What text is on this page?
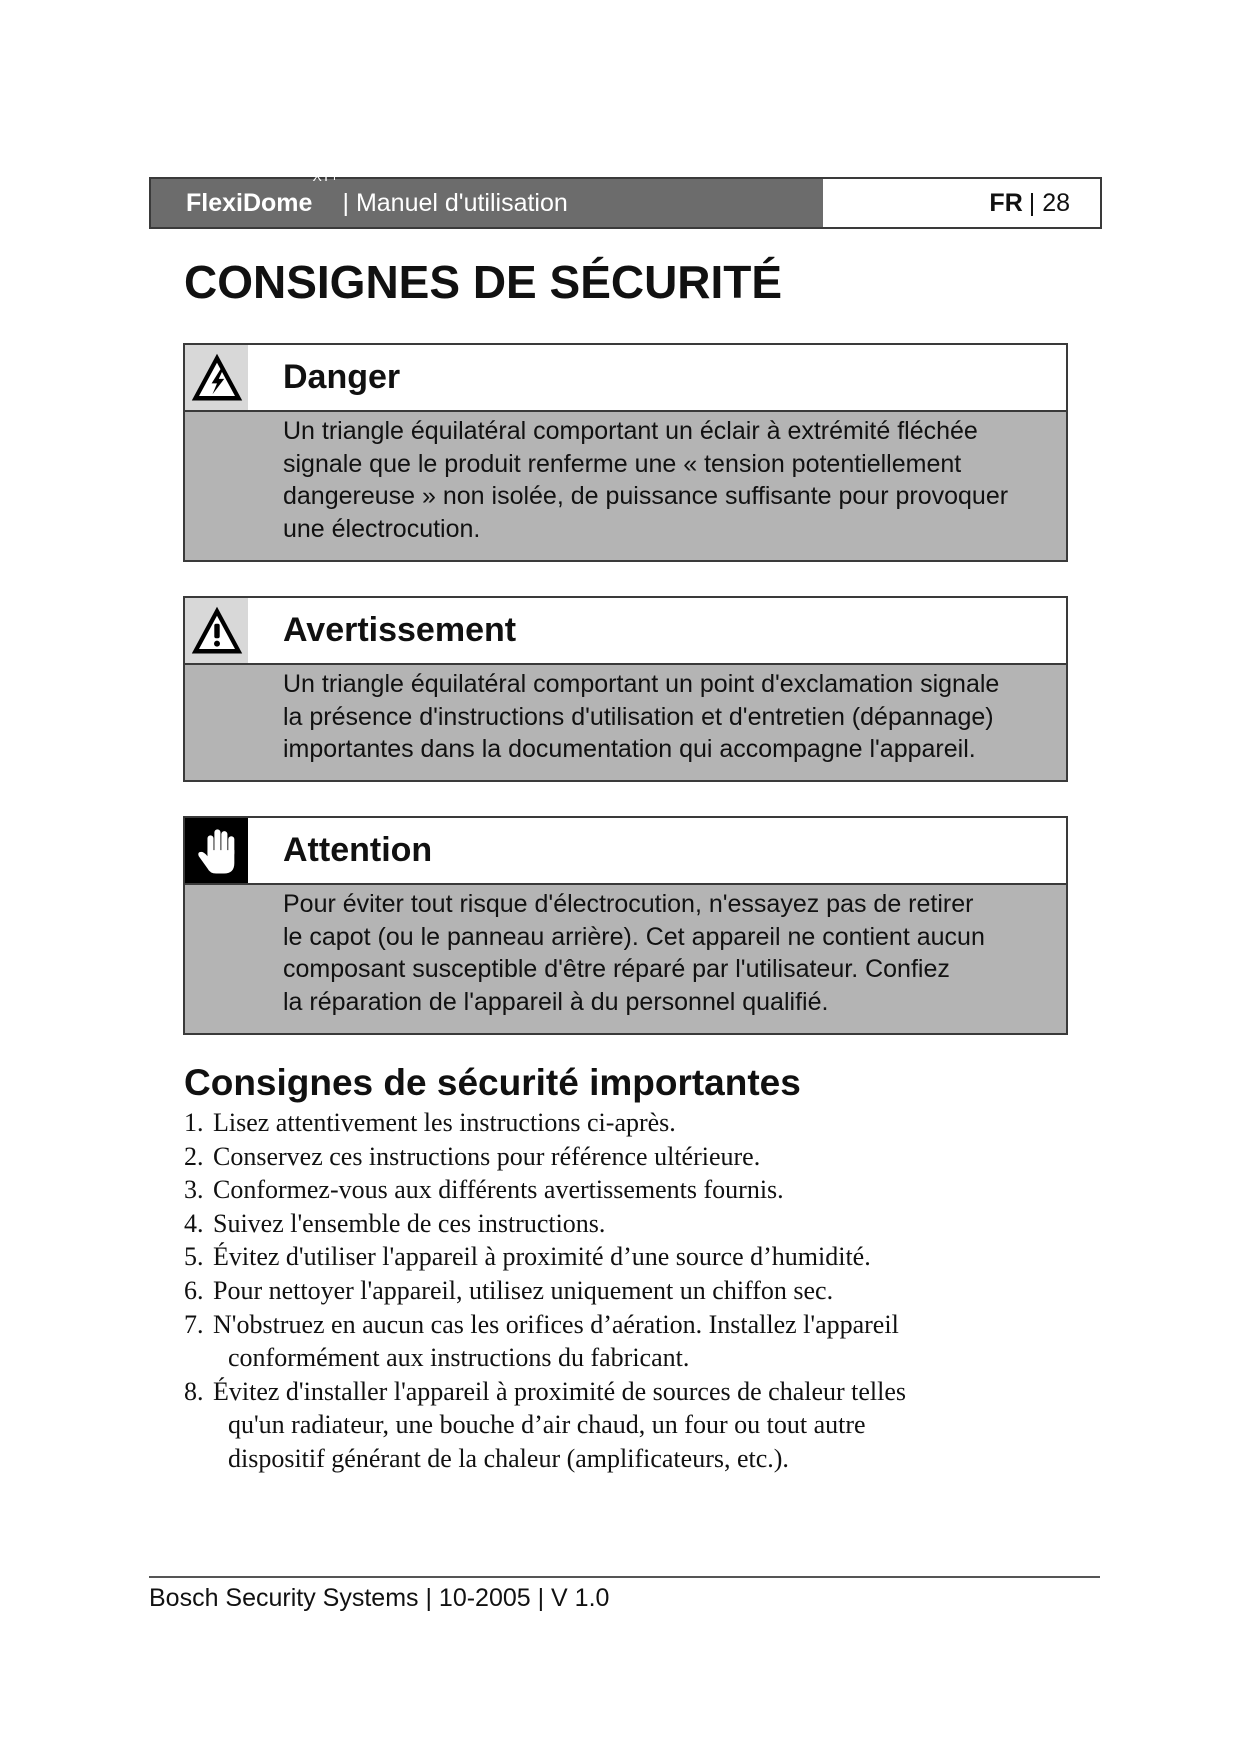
FlexiDome$^{XT+}$| Manuel d'utilisation	FR | 28
CONSIGNES DE SÉCURITÉ
Danger
Un triangle équilatéral comportant un éclair à extrémité fléchée
signale que le produit renferme une « tension potentiellement
dangereuse » non isolée, de puissance suffisante pour provoquer
une électrocution.
Avertissement
Un triangle équilatéral comportant un point d'exclamation signale
la présence d'instructions d'utilisation et d'entretien (dépannage)
importantes dans la documentation qui accompagne l'appareil.
Attention
Pour éviter tout risque d'électrocution, n'essayez pas de retirer
le capot (ou le panneau arrière). Cet appareil ne contient aucun
composant susceptible d'être réparé par l'utilisateur. Confiez
la réparation de l'appareil à du personnel qualifié.
Consignes de sécurité importantes
1. Lisez attentivement les instructions ci-après.
2. Conservez ces instructions pour référence ultérieure.
3. Conformez-vous aux différents avertissements fournis.
4. Suivez l'ensemble de ces instructions.
5. Évitez d'utiliser l'appareil à proximité d’une source d’humidité.
6. Pour nettoyer l'appareil, utilisez uniquement un chiffon sec.
7. N'obstruez en aucun cas les orifices d’aération. Installez l'appareil
conformément aux instructions du fabricant.
8. Évitez d'installer l'appareil à proximité de sources de chaleur telles
qu'un radiateur, une bouche d’air chaud, un four ou tout autre
dispositif générant de la chaleur (amplificateurs, etc.).
Bosch Security Systems | 10-2005 | V 1.0
